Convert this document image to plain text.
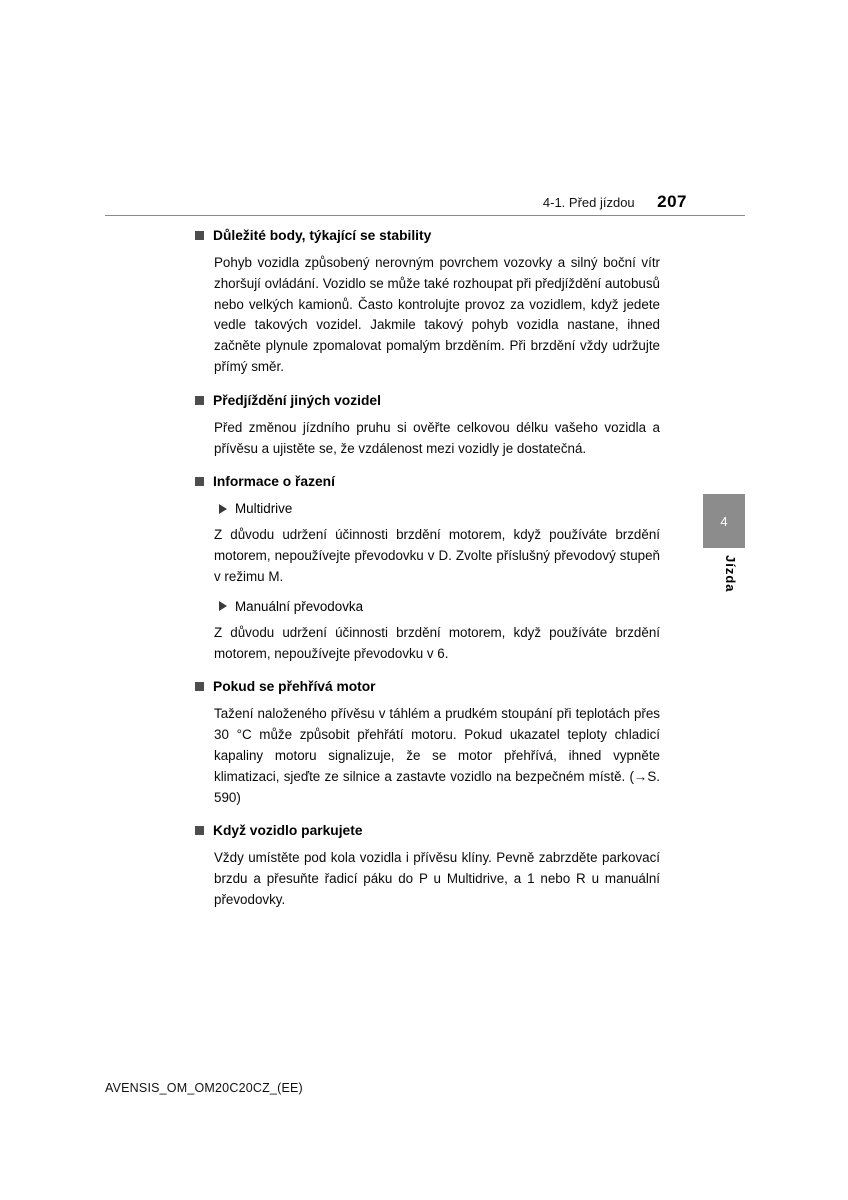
4-1. Před jízdou 207
Důležité body, týkající se stability

Pohyb vozidla způsobený nerovným povrchem vozovky a silný boční vítr zhoršují ovládání. Vozidlo se může také rozhoupat při předjíždění autobusů nebo velkých kamionů. Často kontrolujte provoz za vozidlem, když jedete vedle takových vozidel. Jakmile takový pohyb vozidla nastane, ihned začněte plynule zpomalovat pomalým brzděním. Při brzdění vždy udržujte přímý směr.

Předjíždění jiných vozidel

Před změnou jízdního pruhu si ověřte celkovou délku vašeho vozidla a přívěsu a ujistěte se, že vzdálenost mezi vozidly je dostatečná.

Informace o řazení
Multidrive

Z důvodu udržení účinnosti brzdění motorem, když používáte brzdění motorem, nepoužívejte převodovku v D. Zvolte příslušný převodový stupeň v režimu M.

Manuální převodovka

Z důvodu udržení účinnosti brzdění motorem, když používáte brzdění motorem, nepoužívejte převodovku v 6.

Pokud se přehřívá motor

Tažení naloženého přívěsu v táhlém a prudkém stoupání při teplotách přes 30 °C může způsobit přehřátí motoru. Pokud ukazatel teploty chladicí kapaliny motoru signalizuje, že se motor přehřívá, ihned vypněte klimatizaci, sjeďte ze silnice a zastavte vozidlo na bezpečném místě. (→S. 590)

Když vozidlo parkujete

Vždy umístěte pod kola vozidla i přívěsu klíny. Pevně zabrzděte parkovací brzdu a přesuňte řadicí páku do P u Multidrive, a 1 nebo R u manuální převodovky.

4
Jízda
AVENSIS_OM_OM20C20CZ_(EE)
